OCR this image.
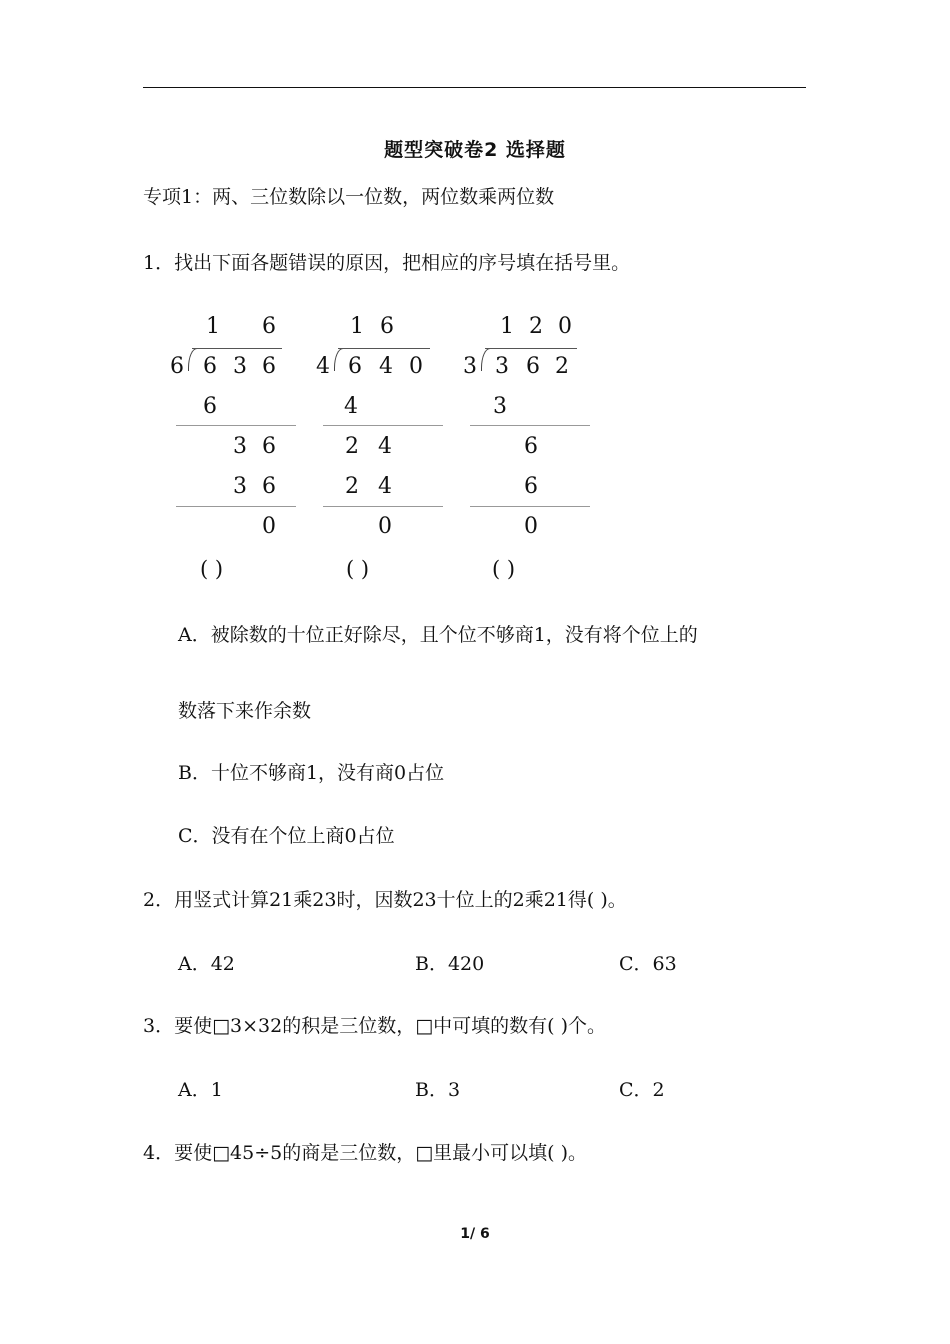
题型突破卷2 选择题
专项1：两、三位数除以一位数，两位数乘两位数
1．找出下面各题错误的原因，把相应的序号填在括号里。
1 6
6 6 3 6
6
3 6
3 6
0
( )
1 6
4 6 4 0
4
2 4
2 4
0
( )
1 2 0
3 3 6 2
3
6
6
0
( )
A．被除数的十位正好除尽，且个位不够商1，没有将个位上的
数落下来作余数
B．十位不够商1，没有商0占位
C．没有在个位上商0占位
2．用竖式计算21乘23时，因数23十位上的2乘21得( )。
A．42	B．420	C．63
3．要使□3×32的积是三位数，□中可填的数有( )个。
A．1	B．3	C．2
4．要使□45÷5的商是三位数，□里最小可以填( )。
1/ 6
